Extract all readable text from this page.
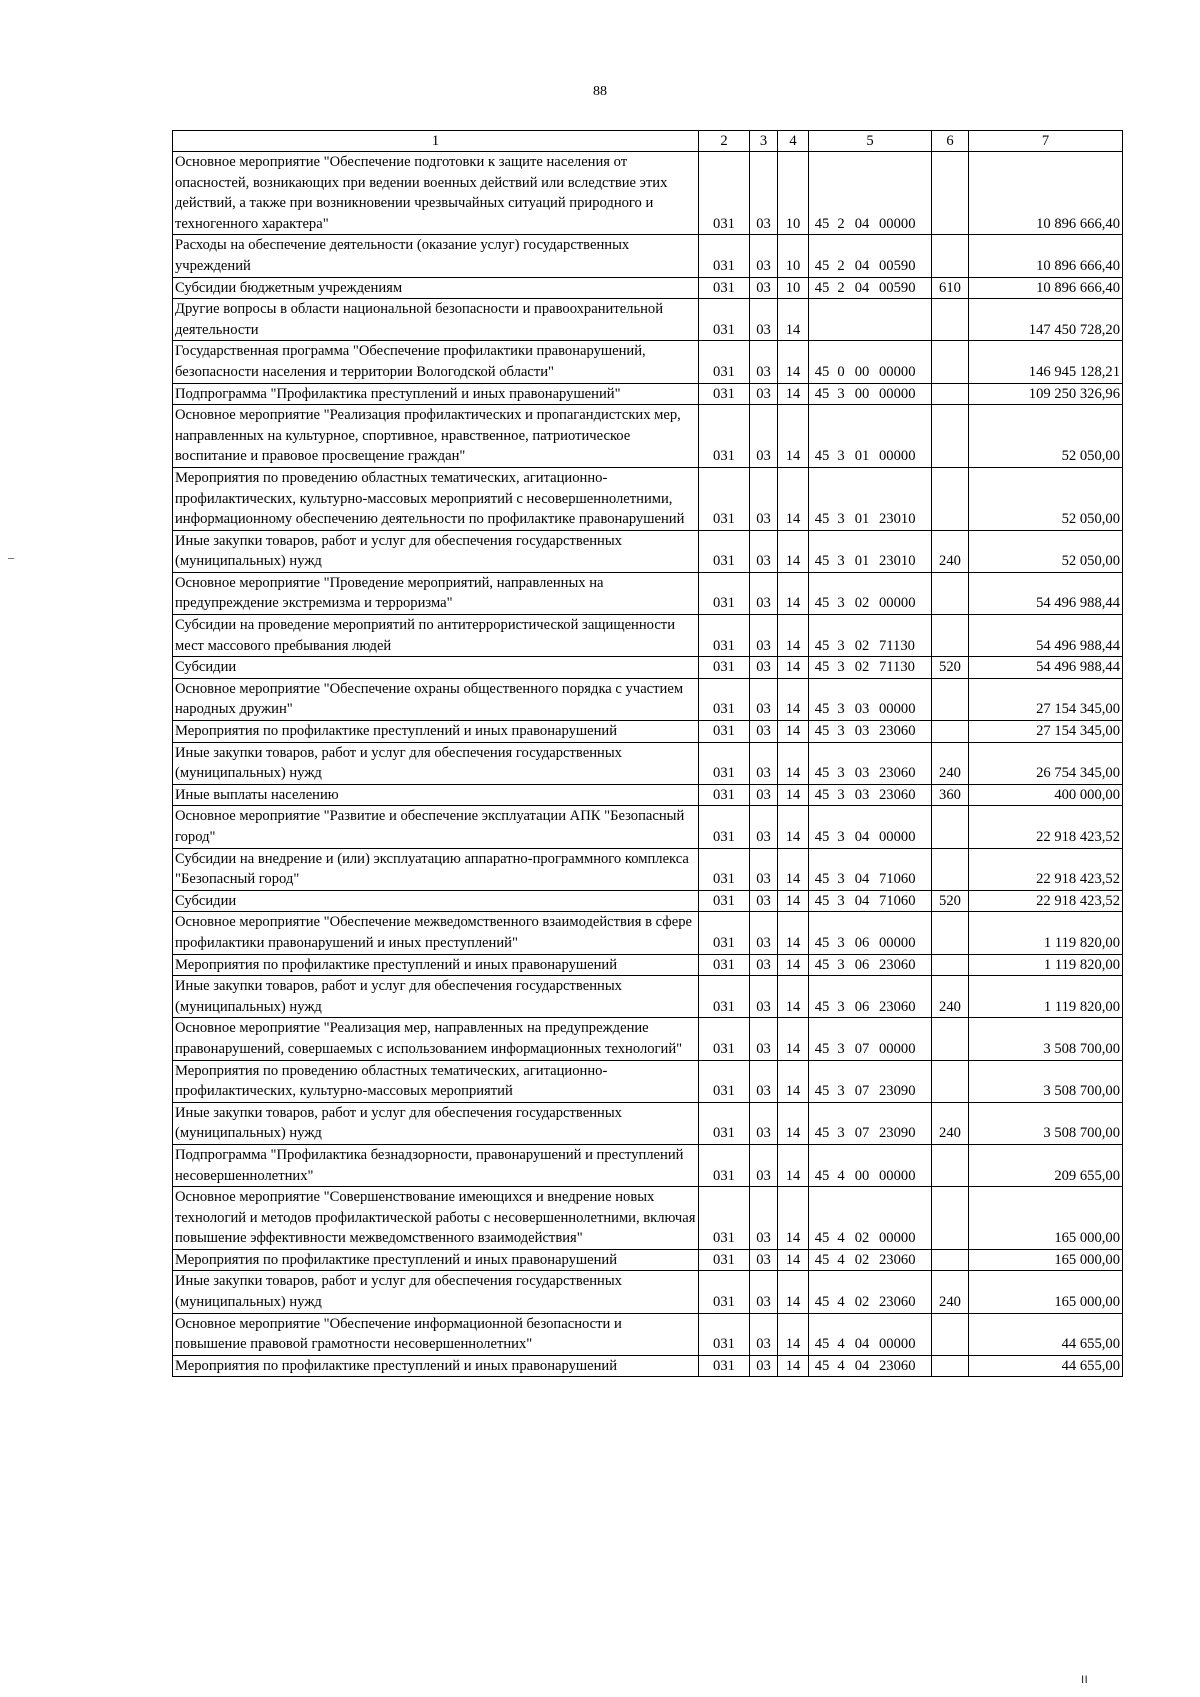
88
1	2	3	4	5	6	7
Основное мероприятие "Обеспечение подготовки к защите населения от опасностей, возникающих при ведении военных действий или вследствие этих действий, а также при возникновении чрезвычайных ситуаций природного и техногенного характера"	031	03	10	45 2 04 00000		10 896 666,40
Расходы на обеспечение деятельности (оказание услуг) государственных учреждений	031	03	10	45 2 04 00590		10 896 666,40
Субсидии бюджетным учреждениям	031	03	10	45 2 04 00590	610	10 896 666,40
Другие вопросы в области национальной безопасности и правоохранительной деятельности	031	03	14			147 450 728,20
Государственная программа "Обеспечение профилактики правонарушений, безопасности населения и территории Вологодской области"	031	03	14	45 0 00 00000		146 945 128,21
Подпрограмма "Профилактика преступлений и иных правонарушений"	031	03	14	45 3 00 00000		109 250 326,96
Основное мероприятие "Реализация профилактических и пропагандистских мер, направленных на культурное, спортивное, нравственное, патриотическое воспитание и правовое просвещение граждан"	031	03	14	45 3 01 00000		52 050,00
Мероприятия по проведению областных тематических, агитационно-профилактических, культурно-массовых мероприятий с несовершеннолетними, информационному обеспечению деятельности по профилактике правонарушений	031	03	14	45 3 01 23010		52 050,00
Иные закупки товаров, работ и услуг для обеспечения государственных (муниципальных) нужд	031	03	14	45 3 01 23010	240	52 050,00
Основное мероприятие "Проведение мероприятий, направленных на предупреждение экстремизма и терроризма"	031	03	14	45 3 02 00000		54 496 988,44
Субсидии на проведение мероприятий по антитеррористической защищенности мест массового пребывания людей	031	03	14	45 3 02 71130		54 496 988,44
Субсидии	031	03	14	45 3 02 71130	520	54 496 988,44
Основное мероприятие "Обеспечение охраны общественного порядка с участием народных дружин"	031	03	14	45 3 03 00000		27 154 345,00
Мероприятия по профилактике преступлений и иных правонарушений	031	03	14	45 3 03 23060		27 154 345,00
Иные закупки товаров, работ и услуг для обеспечения государственных (муниципальных) нужд	031	03	14	45 3 03 23060	240	26 754 345,00
Иные выплаты населению	031	03	14	45 3 03 23060	360	400 000,00
Основное мероприятие "Развитие и обеспечение эксплуатации АПК "Безопасный город"	031	03	14	45 3 04 00000		22 918 423,52
Субсидии на внедрение и (или) эксплуатацию аппаратно-программного комплекса "Безопасный город"	031	03	14	45 3 04 71060		22 918 423,52
Субсидии	031	03	14	45 3 04 71060	520	22 918 423,52
Основное мероприятие "Обеспечение межведомственного взаимодействия в сфере профилактики правонарушений и иных преступлений"	031	03	14	45 3 06 00000		1 119 820,00
Мероприятия по профилактике преступлений и иных правонарушений	031	03	14	45 3 06 23060		1 119 820,00
Иные закупки товаров, работ и услуг для обеспечения государственных (муниципальных) нужд	031	03	14	45 3 06 23060	240	1 119 820,00
Основное мероприятие "Реализация мер, направленных на предупреждение правонарушений, совершаемых с использованием информационных технологий"	031	03	14	45 3 07 00000		3 508 700,00
Мероприятия по проведению областных тематических, агитационно-профилактических, культурно-массовых мероприятий	031	03	14	45 3 07 23090		3 508 700,00
Иные закупки товаров, работ и услуг для обеспечения государственных (муниципальных) нужд	031	03	14	45 3 07 23090	240	3 508 700,00
Подпрограмма "Профилактика безнадзорности, правонарушений и преступлений несовершеннолетних"	031	03	14	45 4 00 00000		209 655,00
Основное мероприятие "Совершенствование имеющихся и внедрение новых технологий и методов профилактической работы с несовершеннолетними, включая повышение эффективности межведомственного взаимодействия"	031	03	14	45 4 02 00000		165 000,00
Мероприятия по профилактике преступлений и иных правонарушений	031	03	14	45 4 02 23060		165 000,00
Иные закупки товаров, работ и услуг для обеспечения государственных (муниципальных) нужд	031	03	14	45 4 02 23060	240	165 000,00
Основное мероприятие "Обеспечение информационной безопасности и повышение правовой грамотности несовершеннолетних"	031	03	14	45 4 04 00000		44 655,00
Мероприятия по профилактике преступлений и иных правонарушений	031	03	14	45 4 04 23060		44 655,00
ıı
